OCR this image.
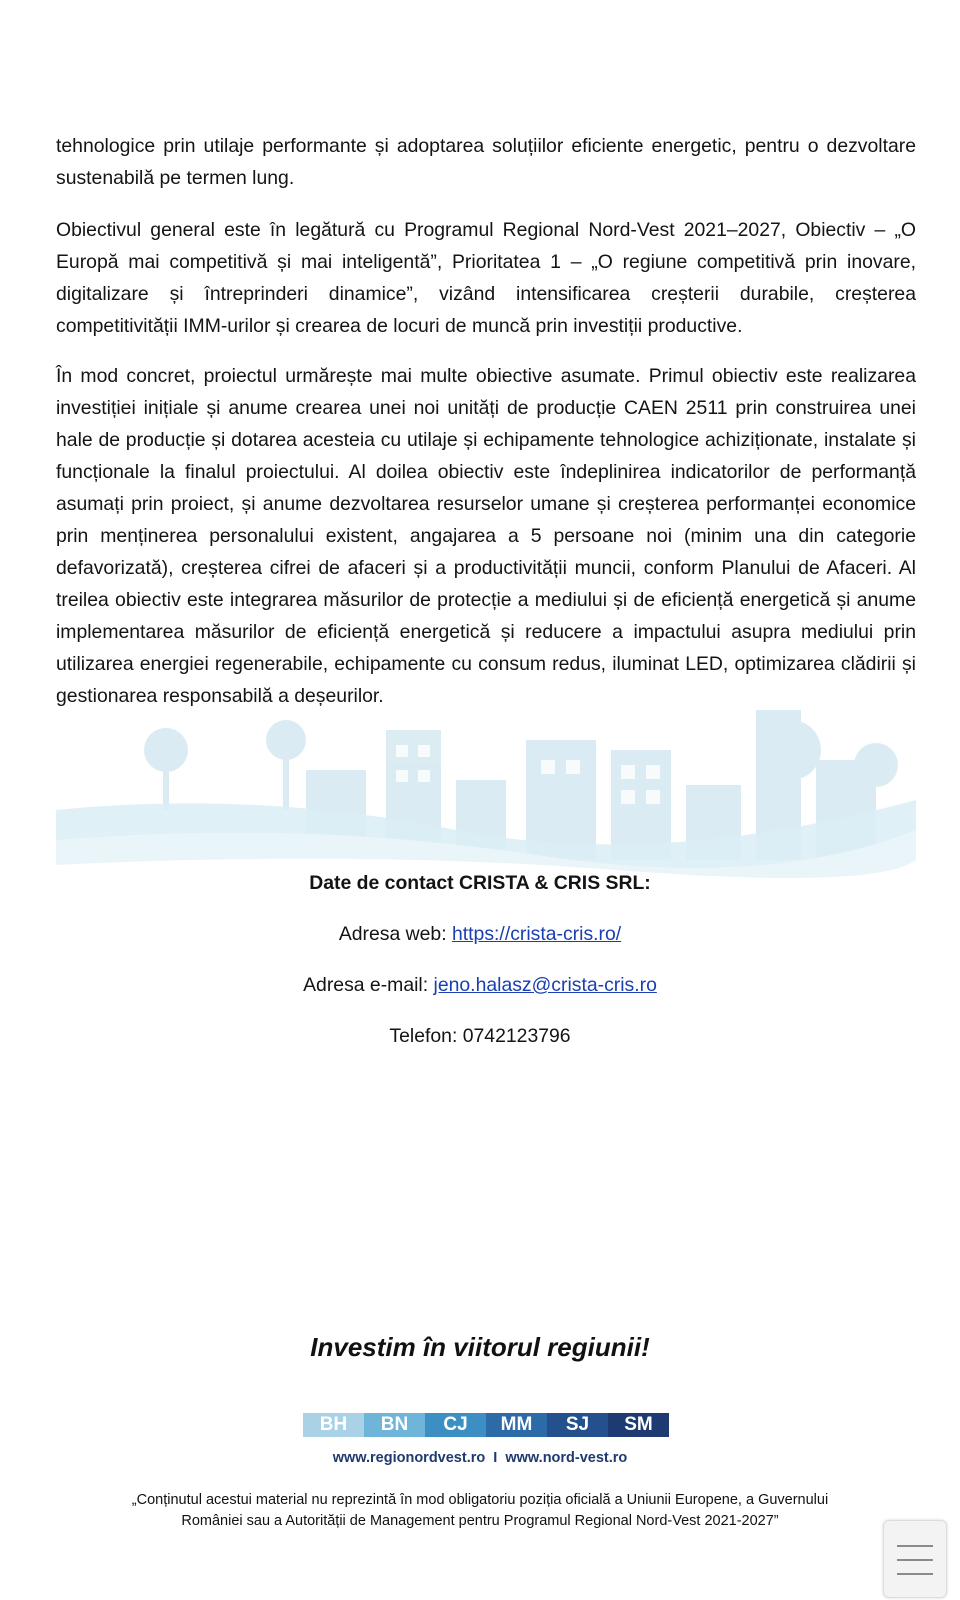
tehnologice prin utilaje performante și adoptarea soluțiilor eficiente energetic, pentru o dezvoltare sustenabilă pe termen lung.

Obiectivul general este în legătură cu Programul Regional Nord-Vest 2021–2027, Obiectiv – „O Europă mai competitivă și mai inteligentă”, Prioritatea 1 – „O regiune competitivă prin inovare, digitalizare și întreprinderi dinamice”, vizând intensificarea creșterii durabile, creșterea competitivității IMM-urilor și crearea de locuri de muncă prin investiții productive.

În mod concret, proiectul urmărește mai multe obiective asumate. Primul obiectiv este realizarea investiției inițiale și anume crearea unei noi unități de producție CAEN 2511 prin construirea unei hale de producție și dotarea acesteia cu utilaje și echipamente tehnologice achiziționate, instalate și funcționale la finalul proiectului. Al doilea obiectiv este îndeplinirea indicatorilor de performanță asumați prin proiect, și anume dezvoltarea resurselor umane și creșterea performanței economice prin menținerea personalului existent, angajarea a 5 persoane noi (minim una din categorie defavorizată), creșterea cifrei de afaceri și a productivității muncii, conform Planului de Afaceri. Al treilea obiectiv este integrarea măsurilor de protecție a mediului și de eficiență energetică și anume implementarea măsurilor de eficiență energetică și reducere a impactului asupra mediului prin utilizarea energiei regenerabile, echipamente cu consum redus, iluminat LED, optimizarea clădirii și gestionarea responsabilă a deșeurilor.

Date de contact CRISTA & CRIS SRL:
Adresa web: https://crista-cris.ro/
Adresa e-mail: jeno.halasz@crista-cris.ro
Telefon: 0742123796
Investim în viitorul regiunii!
BH	BN	CJ	MM	SJ	SM
www.regionordvest.ro  I  www.nord-vest.ro
„Conținutul acestui material nu reprezintă în mod obligatoriu poziția oficială a Uniunii Europene, a Guvernului României sau a Autorității de Management pentru Programul Regional Nord-Vest 2021-2027”
